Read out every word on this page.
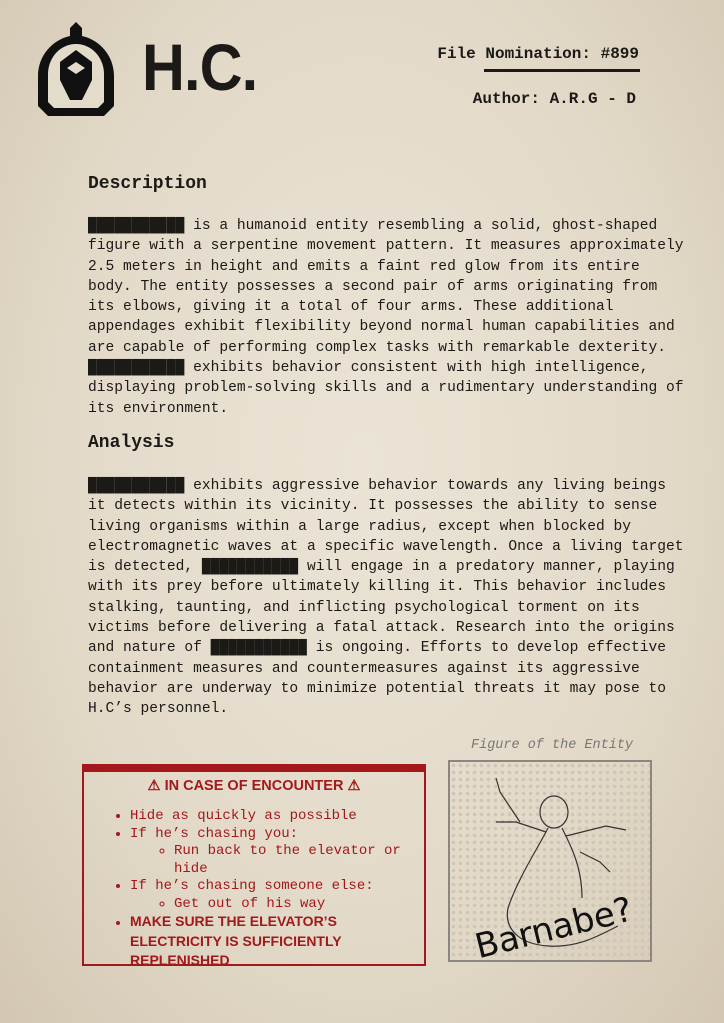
H.C.	File Nomination: #899
Author: A.R.G - D
Description
███████████ is a humanoid entity resembling a solid, ghost-shaped
figure with a serpentine movement pattern. It measures approximately
2.5 meters in height and emits a faint red glow from its entire
body. The entity possesses a second pair of arms originating from
its elbows, giving it a total of four arms. These additional
appendages exhibit flexibility beyond normal human capabilities and
are capable of performing complex tasks with remarkable dexterity.
███████████ exhibits behavior consistent with high intelligence,
displaying problem-solving skills and a rudimentary understanding of
its environment.
Analysis
███████████ exhibits aggressive behavior towards any living beings
it detects within its vicinity. It possesses the ability to sense
living organisms within a large radius, except when blocked by
electromagnetic waves at a specific wavelength. Once a living target
is detected, ███████████ will engage in a predatory manner, playing
with its prey before ultimately killing it. This behavior includes
stalking, taunting, and inflicting psychological torment on its
victims before delivering a fatal attack. Research into the origins
and nature of ███████████ is ongoing. Efforts to develop effective
containment measures and countermeasures against its aggressive
behavior are underway to minimize potential threats it may pose to
H.C’s personnel.
Figure of the Entity
⚠ IN CASE OF ENCOUNTER ⚠
• Hide as quickly as possible
• If he’s chasing you:
◦ Run back to the elevator or hide
• If he’s chasing someone else:
◦ Get out of his way
• MAKE SURE THE ELEVATOR’S ELECTRICITY IS SUFFICIENTLY REPLENISHED	Barnabe?
